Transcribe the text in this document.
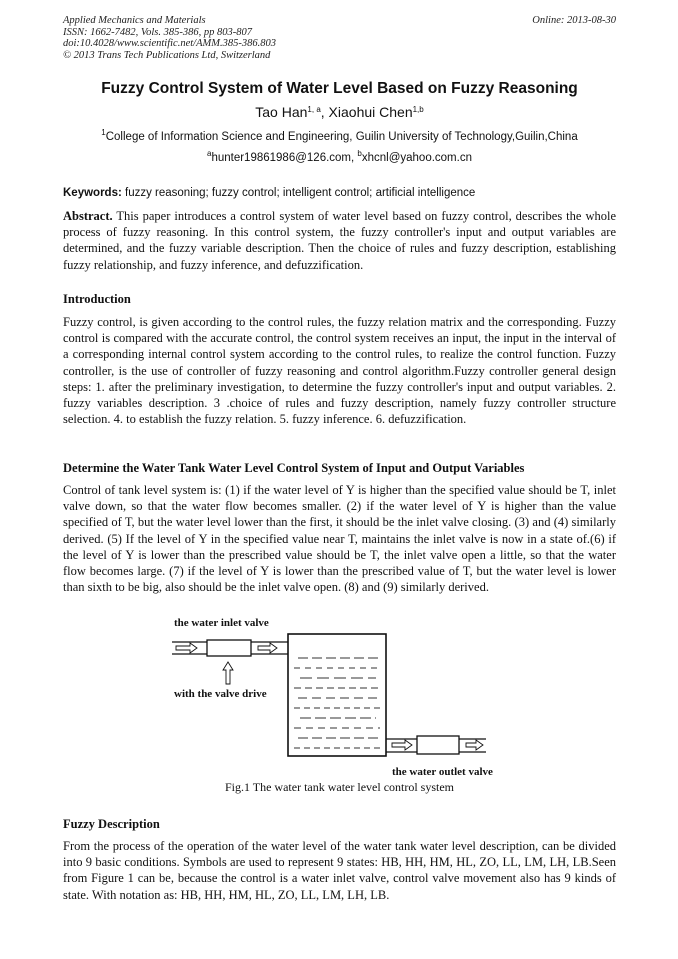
Applied Mechanics and Materials
ISSN: 1662-7482, Vols. 385-386, pp 803-807
doi:10.4028/www.scientific.net/AMM.385-386.803
© 2013 Trans Tech Publications Ltd, Switzerland
Online: 2013-08-30
Fuzzy Control System of Water Level Based on Fuzzy Reasoning
Tao Han$^{1, a}$, Xiaohui Chen$^{1,b}$
$^1$College of Information Science and Engineering, Guilin University of Technology,Guilin,China
$^a$hunter19861986@126.com, $^b$xhcnl@yahoo.com.cn
Keywords: fuzzy reasoning; fuzzy control; intelligent control; artificial intelligence

Abstract. This paper introduces a control system of water level based on fuzzy control, describes the whole process of fuzzy reasoning. In this control system, the fuzzy controller's input and output variables are determined, and the fuzzy variable description. Then the choice of rules and fuzzy description, establishing fuzzy relationship, and fuzzy inference, and defuzzification.

Introduction

Fuzzy control, is given according to the control rules, the fuzzy relation matrix and the corresponding. Fuzzy control is compared with the accurate control, the control system receives an input, the input in the interval of a corresponding internal control system according to the control rules, to realize the control function. Fuzzy controller, is the use of controller of fuzzy reasoning and control algorithm.Fuzzy controller general design steps: 1. after the preliminary investigation, to determine the fuzzy controller's input and output variables. 2. fuzzy variables description. 3 .choice of rules and fuzzy description, namely fuzzy controller structure selection. 4. to establish the fuzzy relation. 5. fuzzy inference. 6. defuzzification.

Determine the Water Tank Water Level Control System of Input and Output Variables

Control of tank level system is: (1) if the water level of Y is higher than the specified value should be T, inlet valve down, so that the water flow becomes smaller. (2) if the water level of Y is higher than the value specified of T, but the water level lower than the first, it should be the inlet valve closing. (3) and (4) similarly derived. (5) If the level of Y in the specified value near T, maintains the inlet valve is now in a state of.(6) if the level of Y is lower than the prescribed value should be T, the inlet valve open a little, so that the water flow becomes large. (7) if the level of Y is lower than the prescribed value of T, but the water level is lower than sixth to be big, also should be the inlet valve open. (8) and (9) similarly derived.

the water inlet valve
with the valve drive
the water outlet valve
Fig.1 The water tank water level control system

Fuzzy Description

From the process of the operation of the water level of the water tank water level description, can be divided into 9 basic conditions. Symbols are used to represent 9 states: HB, HH, HM, HL, ZO, LL, LM, LH, LB.Seen from Figure 1 can be, because the control is a water inlet valve, control valve movement also has 9 kinds of state. With notation as: HB, HH, HM, HL, ZO, LL, LM, LH, LB.
